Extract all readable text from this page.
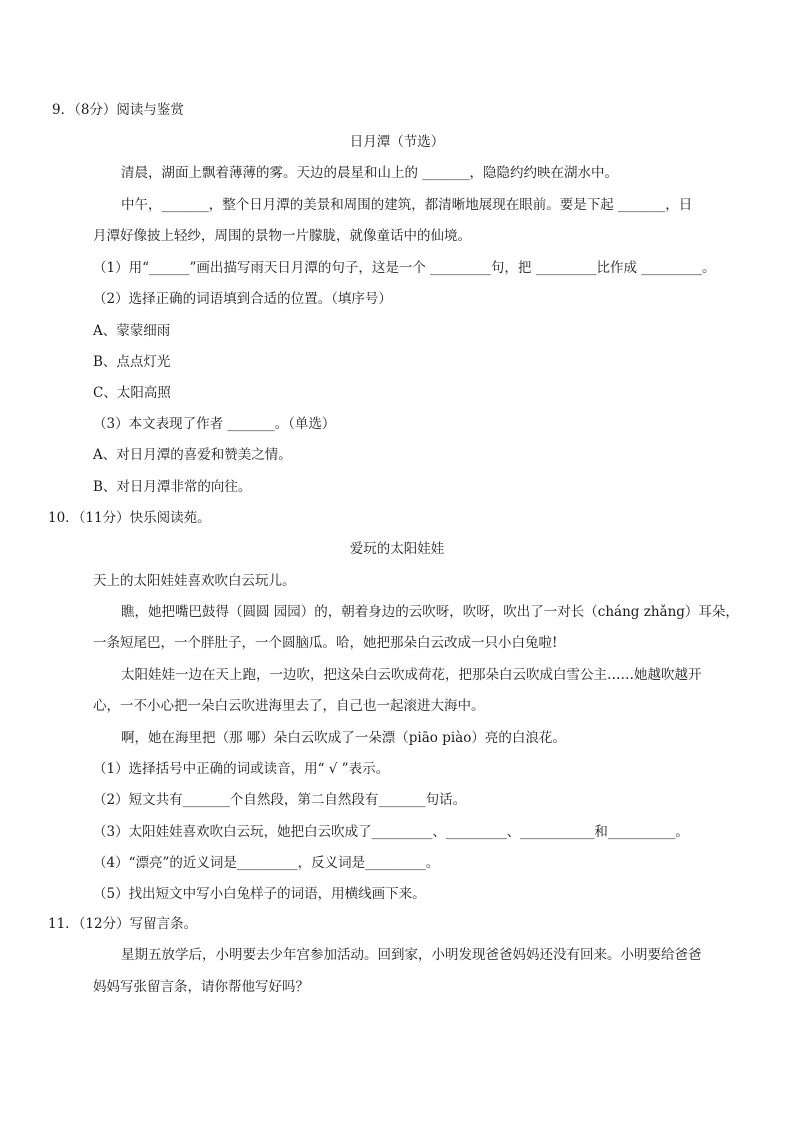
9．（8分）阅读与鉴赏
日月潭（节选）
清晨，湖面上飘着薄薄的雾。天边的晨星和山上的 _______，隐隐约约映在湖水中。
中午，_______，整个日月潭的美景和周围的建筑，都清晰地展现在眼前。要是下起 _______，日
月潭好像披上轻纱，周围的景物一片朦胧，就像童话中的仙境。
（1）用“______”画出描写雨天日月潭的句子，这是一个 _________句，把 _________比作成 _________。
（2）选择正确的词语填到合适的位置。（填序号）
A、蒙蒙细雨
B、点点灯光
C、太阳高照
（3）本文表现了作者 _______。（单选）
A、对日月潭的喜爱和赞美之情。
B、对日月潭非常的向往。
10．（11分）快乐阅读苑。
爱玩的太阳娃娃
天上的太阳娃娃喜欢吹白云玩儿。
瞧，她把嘴巴鼓得（圆圆 园园）的，朝着身边的云吹呀，吹呀，吹出了一对长（cháng zhǎng）耳朵，
一条短尾巴，一个胖肚子，一个圆脑瓜。哈，她把那朵白云改成一只小白兔啦!
太阳娃娃一边在天上跑，一边吹，把这朵白云吹成荷花，把那朵白云吹成白雪公主……她越吹越开
心，一不小心把一朵白云吹进海里去了，自己也一起滚进大海中。
啊，她在海里把（那 哪）朵白云吹成了一朵漂（piāo piào）亮的白浪花。
（1）选择括号中正确的词或读音，用“ √ ”表示。
（2）短文共有_______个自然段，第二自然段有_______句话。
（3）太阳娃娃喜欢吹白云玩，她把白云吹成了_________、_________、___________和__________。
（4）“漂亮”的近义词是_________，反义词是_________。
（5）找出短文中写小白兔样子的词语，用横线画下来。
11．（12分）写留言条。
星期五放学后，小明要去少年宫参加活动。回到家，小明发现爸爸妈妈还没有回来。小明要给爸爸
妈妈写张留言条，请你帮他写好吗？
